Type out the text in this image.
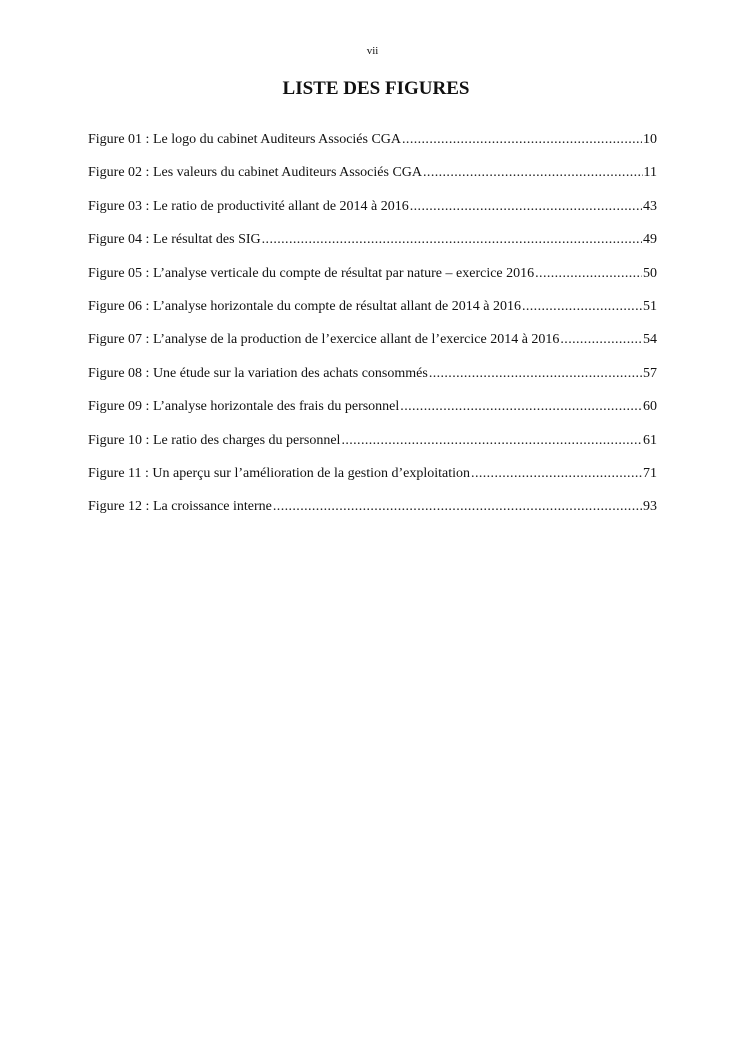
vii
LISTE DES FIGURES
Figure 01 : Le logo du cabinet Auditeurs Associés CGA .....	10
Figure 02 : Les valeurs du cabinet Auditeurs Associés CGA .....	11
Figure 03 : Le ratio de productivité allant de 2014 à 2016 .....	43
Figure 04 : Le résultat des SIG .....	49
Figure 05 : L’analyse verticale du compte de résultat par nature – exercice 2016 .....	50
Figure 06 : L’analyse horizontale du compte de résultat allant de 2014 à 2016 .....	51
Figure 07 : L’analyse de la production de l’exercice allant de l’exercice 2014 à 2016 .....	54
Figure 08 : Une étude sur la variation des achats consommés .....	57
Figure 09 : L’analyse horizontale des frais du personnel .....	60
Figure 10 : Le ratio des charges du personnel .....	61
Figure 11 : Un aperçu sur l’amélioration de la gestion d’exploitation .....	71
Figure 12 : La croissance interne .....	93
